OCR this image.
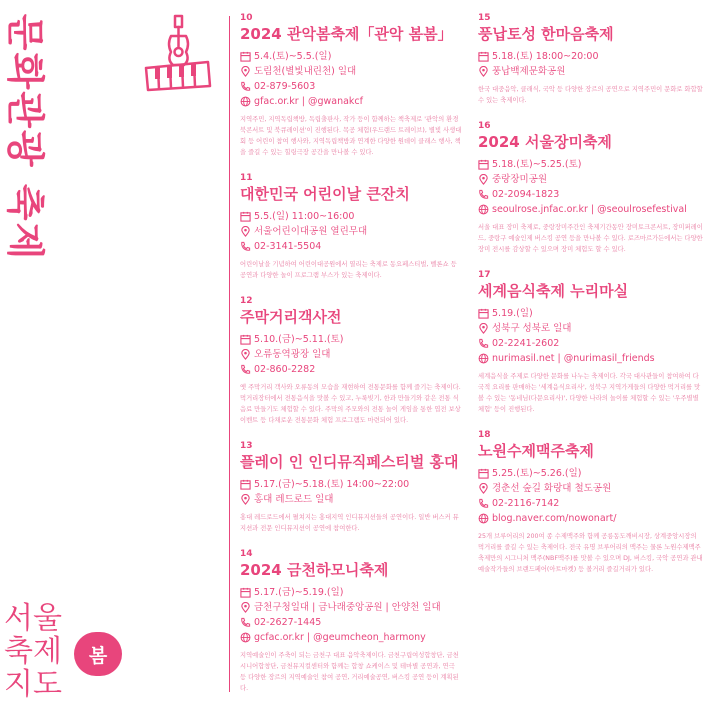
문화관광 축제	10
2024 관악봄축제「관악 봄봄」
5.4.(토)~5.5.(일)
도림천(별빛내린천) 일대
02-879-5603
gfac.or.kr | @gwanakcf
지역주민, 지역독립책방, 독립출판사, 작가 등이 함께하는 책축제로 '관악의 환경 북콘서트 및 북큐레이션'이 진행된다. 목공 체험(우드랜드 트레이브), 별빛 사생대회 등 어린이 참여 행사와, 지역독립책방과 연계한 다양한 원데이 클래스 행사, 책을 즐길 수 있는 힐링극장 공간을 만나볼 수 있다.
11
대한민국 어린이날 큰잔치
5.5.(일) 11:00~16:00
서울어린이대공원 열린무대
02-3141-5504
어린이날을 기념하여 어린이대공원에서 열리는 축제로 동요페스티벌, 벨론쇼 등 공연과 다양한 놀이 프로그램 부스가 있는 축제이다.
12
주막거리객사전
5.10.(금)~5.11.(토)
오류동역광장 일대
02-860-2282
옛 주막거리 객사와 오류동의 모습을 재현하여 전통문화를 함께 즐기는 축제이다. 먹거리장터에서 전통음식을 맛볼 수 있고, 누룩빚기, 한과 만들기와 같은 전통 식음료 만들기도 체험할 수 있다. 주막의 주모와의 전통 놀이 게임을 통한 엽전 보상 이벤트 등 다채로운 전통문화 체험 프로그램도 마련되어 있다.
13
플레이 인 인디뮤직페스티벌 홍대
5.17.(금)~5.18.(토) 14:00~22:00
홍대 레드로드 일대
홍대 레드로드에서 펼쳐지는 홍대지역 인디뮤지션들의 공연이다. 일반 버스커 뮤지션과 전문 인디뮤지션이 공연에 참여한다.
14
2024 금천하모니축제
5.17.(금)~5.19.(일)
금천구청일대 | 금나래중앙공원 | 안양천 일대
02-2627-1445
gcfac.or.kr | @geumcheon_harmony
지역예술인이 주축이 되는 금천구 대표 음악축제이다. 금천구립여성합창단, 금천시니어합창단, 금천뮤지컬센터와 함께는 합창 쇼케이스 및 테마별 공연과, 연극 등 다양한 장르의 지역예술인 참여 공연, 거리예술공연, 버스킹 공연 등이 계획된다.
15
풍납토성 한마음축제
5.18.(토) 18:00~20:00
풍납백제문화공원
한국 대중음악, 클래식, 국악 등 다양한 장르의 공연으로 지역주민이 문화로 화합할 수 있는 축제이다.
16
2024 서울장미축제
5.18.(토)~5.25.(토)
중랑장미공원
02-2094-1823
seoulrose.jnfac.or.kr | @seoulrosefestival
서울 대표 장미 축제로, 중랑장미주간인 축제기간동안 장미토크콘서트, 장미퍼레이드, 중랑구 예술인제 버스킹 공연 등을 만나볼 수 있다. 로즈마르가든에서는 다양한 장미 전시를 감상할 수 있으며 장미 체험도 할 수 있다.
17
세계음식축제 누리마실
5.19.(일)
성북구 성북로 일대
02-2241-2602
nurimasil.net | @nurimasil_friends
세계음식을 주제로 다양한 문화를 나누는 축제이다. 각국 대사관들이 참여하여 다국적 요리를 판매하는 '세계음식요리사', 성북구 지역가게들의 다양한 먹거리를 맛볼 수 있는 '동네님(다문요리사)', 다양한 나라의 놀이를 체험할 수 있는 '우주별별체험' 등이 진행된다.
18
노원수제맥주축제
5.25.(토)~5.26.(일)
경춘선 숲길 화랑대 철도공원
02-2116-7142
blog.naver.com/nowonart/
25개 브루어리의 200여 종 수제맥주와 함께 공릉동도깨비시장, 상계중앙시장의 먹거리를 즐길 수 있는 축제이다. 전국 유명 브루어리의 맥주는 물론 노원수제맥주축제만의 시그니처 맥주(NBF맥주)를 맛볼 수 있으며 DJ, 버스킹, 국악 공연과 관내 예술작가들의 브랜드페어(아트마켓) 등 볼거리 즐길거리가 있다.
서울
축제
지도
봄
